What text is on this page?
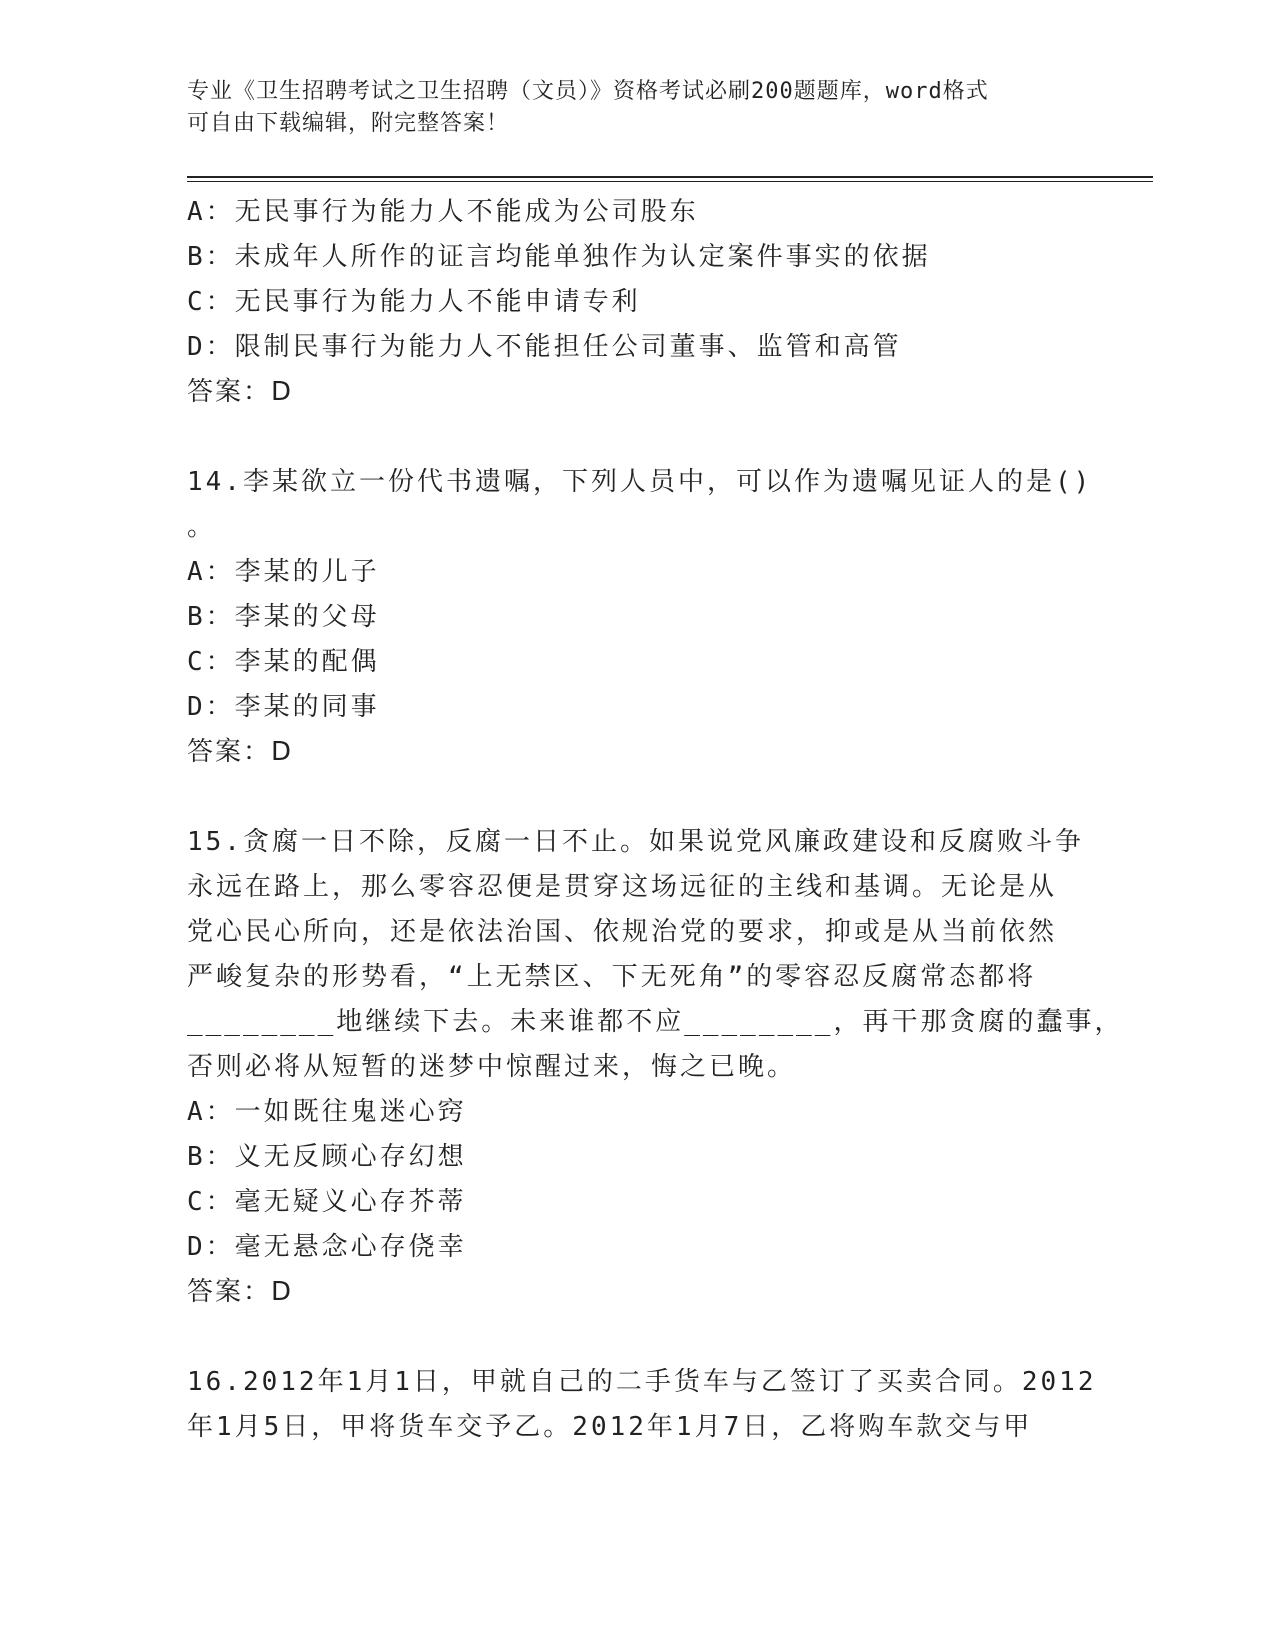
专业《卫生招聘考试之卫生招聘（文员）》资格考试必刷200题题库，word格式
可自由下载编辑，附完整答案！
A：无民事行为能力人不能成为公司股东
B：未成年人所作的证言均能单独作为认定案件事实的依据
C：无民事行为能力人不能申请专利
D：限制民事行为能力人不能担任公司董事、监管和高管
答案：D
14.李某欲立一份代书遗嘱，下列人员中，可以作为遗嘱见证人的是()
。
A：李某的儿子
B：李某的父母
C：李某的配偶
D：李某的同事
答案：D
15.贪腐一日不除，反腐一日不止。如果说党风廉政建设和反腐败斗争
永远在路上，那么零容忍便是贯穿这场远征的主线和基调。无论是从
党心民心所向，还是依法治国、依规治党的要求，抑或是从当前依然
严峻复杂的形势看，“上无禁区、下无死角”的零容忍反腐常态都将
________地继续下去。未来谁都不应________，再干那贪腐的蠢事，
否则必将从短暂的迷梦中惊醒过来，悔之已晚。
A：一如既往鬼迷心窍
B：义无反顾心存幻想
C：毫无疑义心存芥蒂
D：毫无悬念心存侥幸
答案：D
16.2012年1月1日，甲就自己的二手货车与乙签订了买卖合同。2012
年1月5日，甲将货车交予乙。2012年1月7日，乙将购车款交与甲
